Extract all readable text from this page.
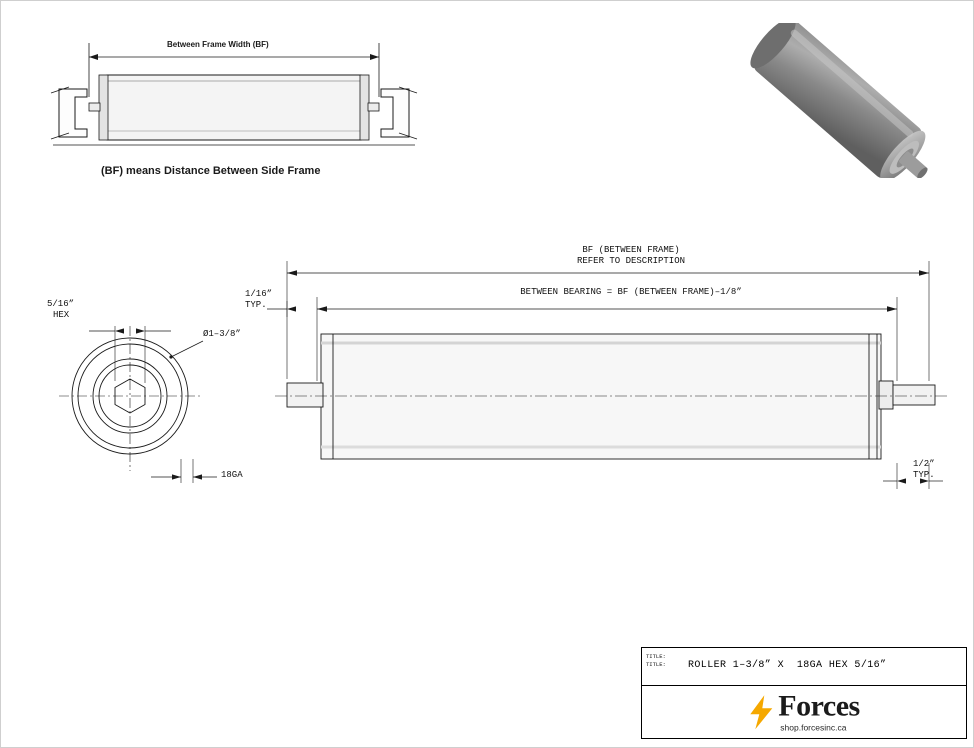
Between Frame Width (BF)
(BF) means Distance Between Side Frame
BF (BETWEEN FRAME)
REFER TO DESCRIPTION
BETWEEN BEARING = BF (BETWEEN FRAME)–1/8”
1/16”
TYP.
1/2”
TYP.
5/16”
HEX
Ø1–3/8”
18GA
TITLE:
TITLE: ROLLER 1–3/8” X  18GA HEX 5/16”
Forces
shop.forcesinc.ca
